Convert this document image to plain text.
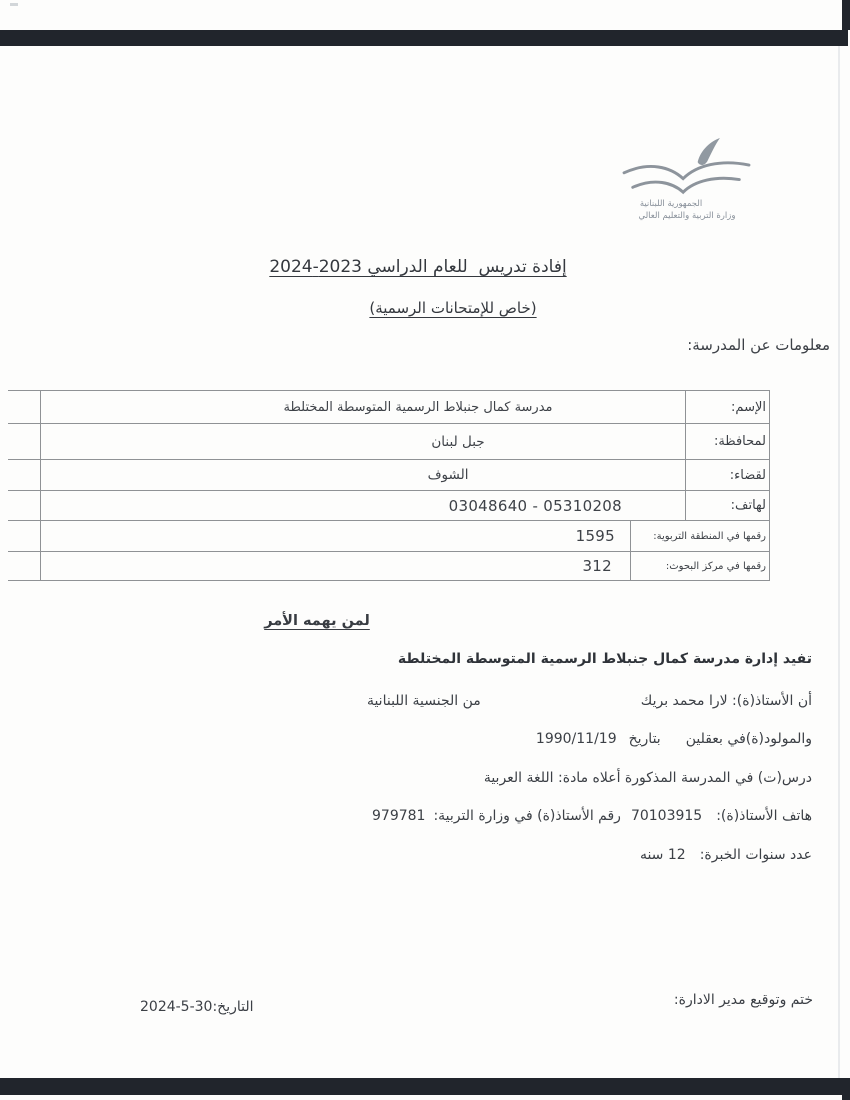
الجمهورية اللبنانية
وزارة التربية والتعليم العالي
إفادة تدريس  للعام الدراسي 2023-2024
(خاص للإمتحانات الرسمية)
معلومات عن المدرسة:
مدرسة كمال جنبلاط الرسمية المتوسطة المختلطة	الإسم:
جبل لبنان	لمحافظة:
الشوف	لقضاء:
03048640 - 05310208	لهاتف:
1595	رقمها في المنطقة التربوية:
312	رقمها في مركز البحوث:
لمن يهمه الأمر
تفيد إدارة مدرسة كمال جنبلاط الرسمية المتوسطة المختلطة
أن الأستاذ(ة): لارا محمد بريك
من الجنسية اللبنانية
والمولود(ة)في بعقلين
بتاريخ
1990/11/19
درس(ت) في المدرسة المذكورة أعلاه مادة: اللغة العربية
هاتف الأستاذ(ة):
70103915
رقم الأستاذ(ة) في وزارة التربية:
979781
عدد سنوات الخبرة:
12 سنه
ختم وتوقيع مدير الادارة:
التاريخ:2024-5-30
